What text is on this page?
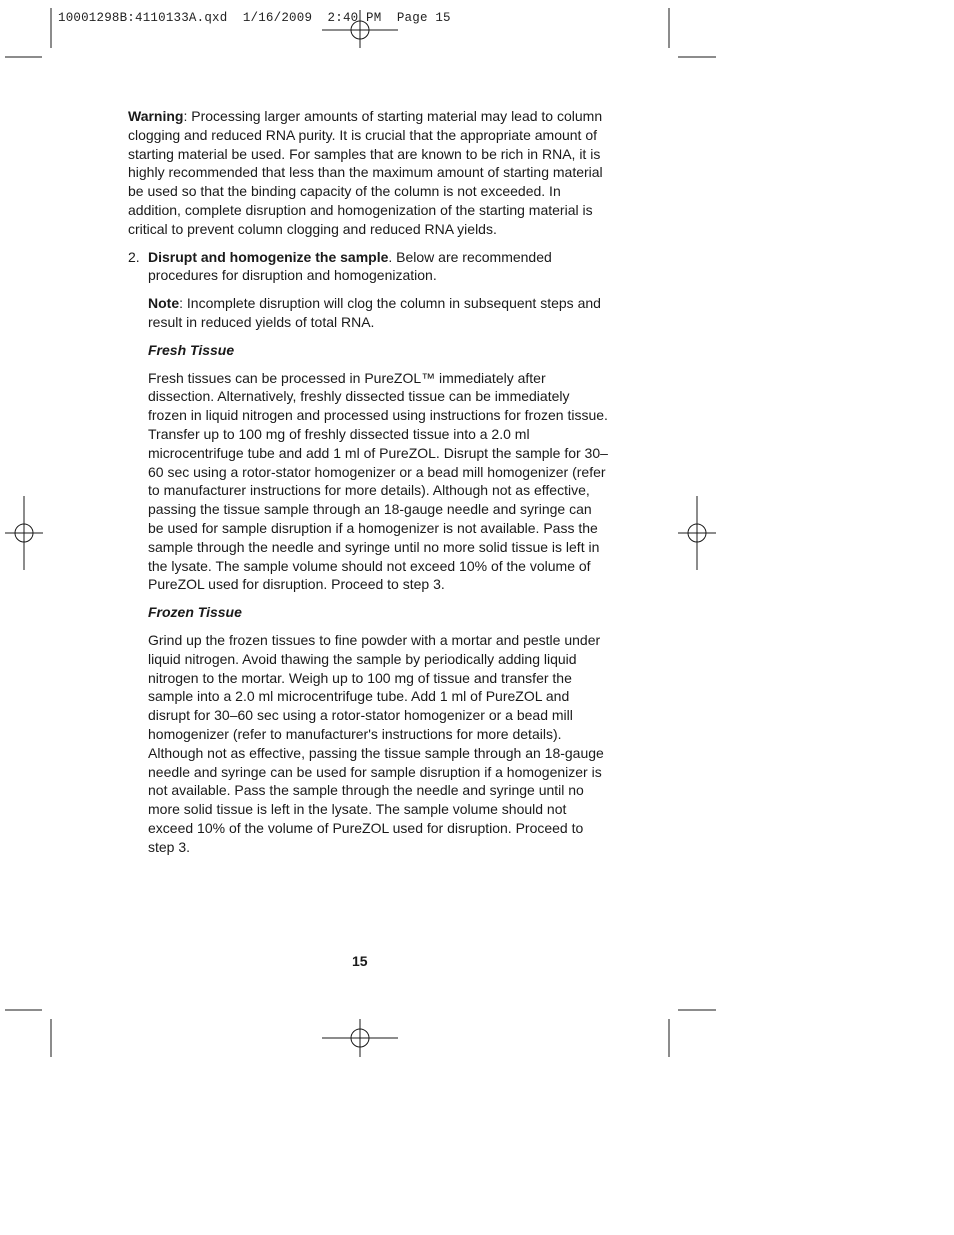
10001298B:4110133A.qxd  1/16/2009  2:40 PM  Page 15

Warning: Processing larger amounts of starting material may lead to column clogging and reduced RNA purity. It is crucial that the appropriate amount of starting material be used. For samples that are known to be rich in RNA, it is highly recommended that less than the maximum amount of starting material be used so that the binding capacity of the column is not exceeded. In addition, complete disruption and homogenization of the starting material is critical to prevent column clogging and reduced RNA yields.

2. Disrupt and homogenize the sample. Below are recommended procedures for disruption and homogenization.

Note: Incomplete disruption will clog the column in subsequent steps and result in reduced yields of total RNA.

Fresh Tissue

Fresh tissues can be processed in PureZOL™ immediately after dissection. Alternatively, freshly dissected tissue can be immediately frozen in liquid nitrogen and processed using instructions for frozen tissue. Transfer up to 100 mg of freshly dissected tissue into a 2.0 ml microcentrifuge tube and add 1 ml of PureZOL. Disrupt the sample for 30–60 sec using a rotor-stator homogenizer or a bead mill homogenizer (refer to manufacturer instructions for more details). Although not as effective, passing the tissue sample through an 18-gauge needle and syringe can be used for sample disruption if a homogenizer is not available. Pass the sample through the needle and syringe until no more solid tissue is left in the lysate. The sample volume should not exceed 10% of the volume of PureZOL used for disruption. Proceed to step 3.

Frozen Tissue

Grind up the frozen tissues to fine powder with a mortar and pestle under liquid nitrogen. Avoid thawing the sample by periodically adding liquid nitrogen to the mortar. Weigh up to 100 mg of tissue and transfer the sample into a 2.0 ml microcentrifuge tube. Add 1 ml of PureZOL and disrupt for 30–60 sec using a rotor-stator homogenizer or a bead mill homogenizer (refer to manufacturer's instructions for more details). Although not as effective, passing the tissue sample through an 18-gauge needle and syringe can be used for sample disruption if a homogenizer is not available. Pass the sample through the needle and syringe until no more solid tissue is left in the lysate. The sample volume should not exceed 10% of the volume of PureZOL used for disruption. Proceed to step 3.

15
